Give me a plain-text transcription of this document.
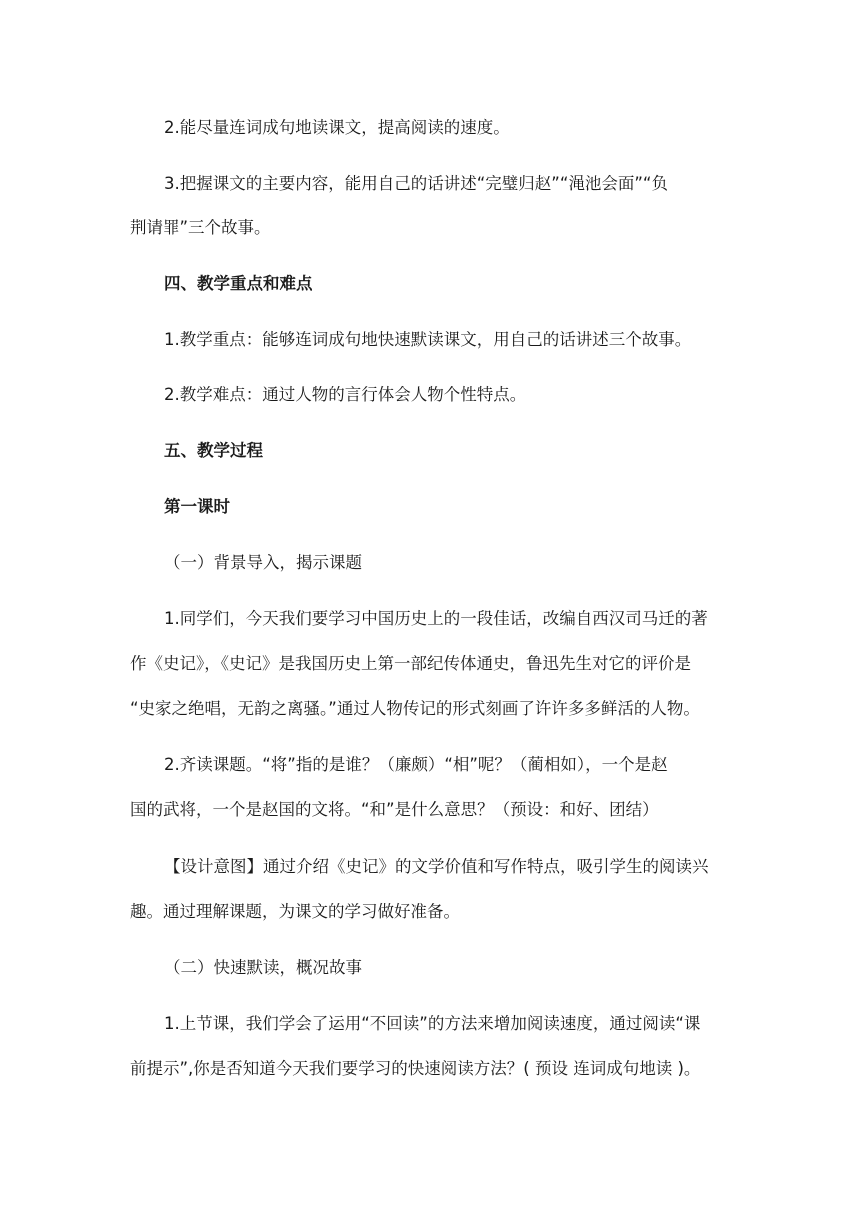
2.能尽量连词成句地读课文，提高阅读的速度。
3.把握课文的主要内容，能用自己的话讲述“完璧归赵”“渑池会面”“负
荆请罪”三个故事。
四、教学重点和难点
1.教学重点：能够连词成句地快速默读课文，用自己的话讲述三个故事。
2.教学难点：通过人物的言行体会人物个性特点。
五、教学过程
第一课时
（一）背景导入，揭示课题
1.同学们，今天我们要学习中国历史上的一段佳话，改编自西汉司马迁的著
作《史记》，《史记》是我国历史上第一部纪传体通史，鲁迅先生对它的评价是
“史家之绝唱，无韵之离骚。”通过人物传记的形式刻画了许许多多鲜活的人物。
2.齐读课题。“将”指的是谁？（廉颇）“相”呢？（蔺相如），一个是赵
国的武将，一个是赵国的文将。“和”是什么意思？（预设：和好、团结）
【设计意图】通过介绍《史记》的文学价值和写作特点，吸引学生的阅读兴
趣。通过理解课题，为课文的学习做好准备。
（二）快速默读，概况故事
1.上节课，我们学会了运用“不回读”的方法来增加阅读速度，通过阅读“课
前提示”,你是否知道今天我们要学习的快速阅读方法？( 预设 连词成句地读 )。
